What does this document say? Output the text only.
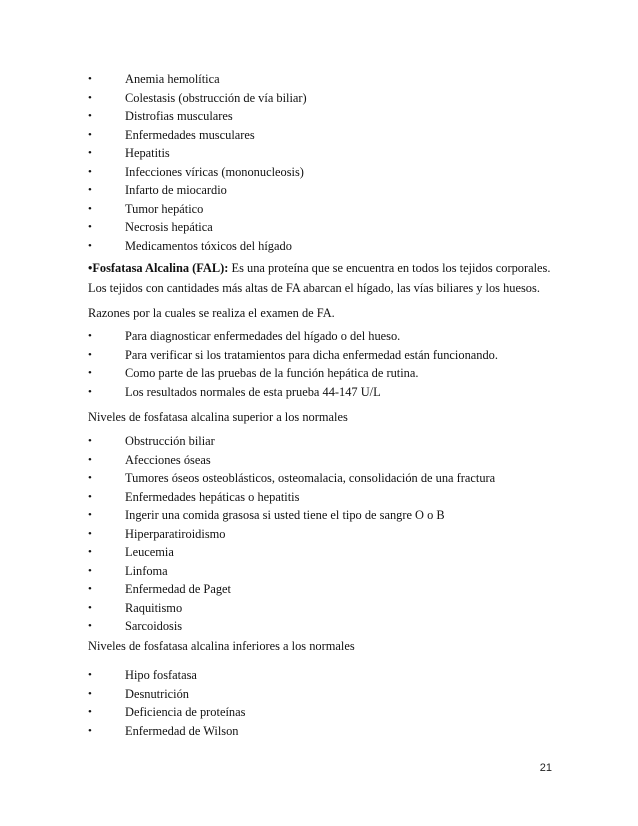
•	Anemia hemolítica
•	Colestasis (obstrucción de vía biliar)
•	Distrofias musculares
•	Enfermedades musculares
•	Hepatitis
•	Infecciones víricas (mononucleosis)
•	Infarto de miocardio
•	Tumor hepático
•	Necrosis hepática
•	Medicamentos tóxicos del hígado
•Fosfatasa Alcalina (FAL): Es una proteína que se encuentra en todos los tejidos corporales.
Los tejidos con cantidades más altas de FA abarcan el hígado, las vías biliares y los huesos.
Razones por la cuales se realiza el examen de FA.
•	Para diagnosticar enfermedades del hígado o del hueso.
•	Para verificar si los tratamientos para dicha enfermedad están funcionando.
•	Como parte de las pruebas de la función hepática de rutina.
•	Los resultados normales de esta prueba 44-147 U/L
Niveles de fosfatasa alcalina superior a los normales
•	Obstrucción biliar
•	Afecciones óseas
•	Tumores óseos osteoblásticos, osteomalacia, consolidación de una fractura
•	Enfermedades hepáticas o hepatitis
•	Ingerir una comida grasosa si usted tiene el tipo de sangre O o B
•	Hiperparatiroidismo
•	Leucemia
•	Linfoma
•	Enfermedad de Paget
•	Raquitismo
•	Sarcoidosis
Niveles de fosfatasa alcalina inferiores a los normales
•	Hipo fosfatasa
•	Desnutrición
•	Deficiencia de proteínas
•	Enfermedad de Wilson
21
